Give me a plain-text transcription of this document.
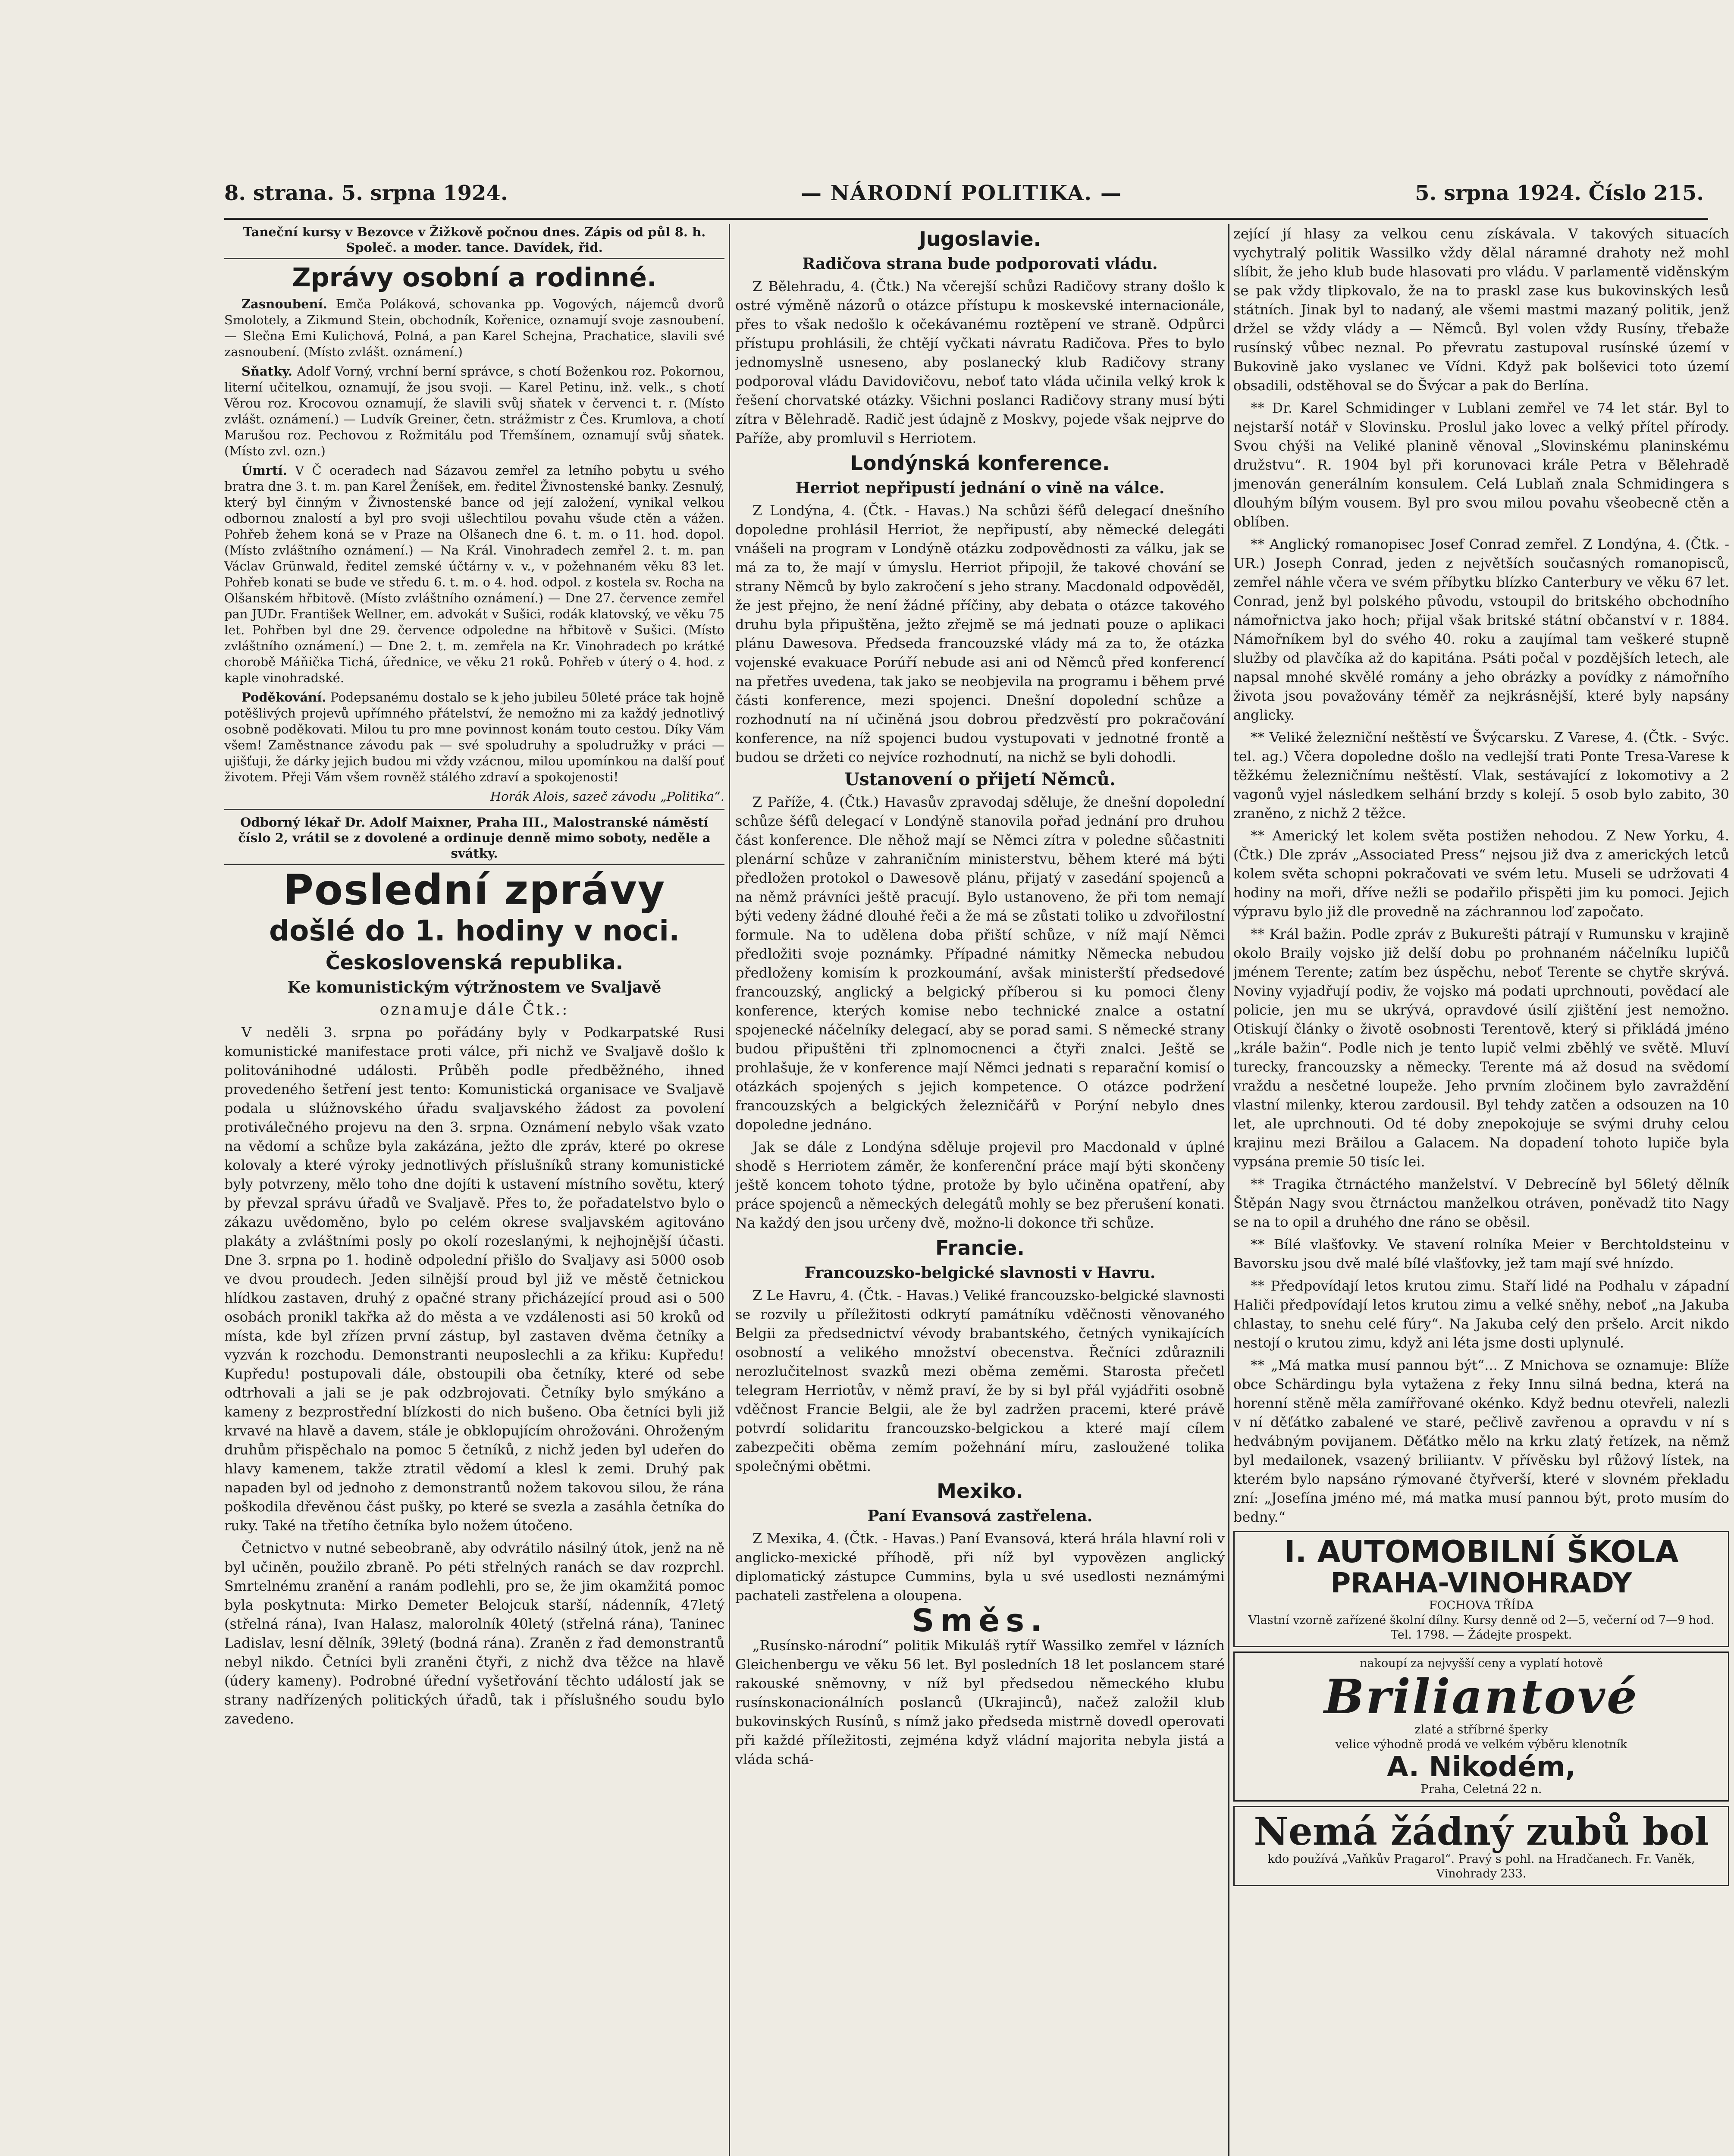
8. strana. 5. srpna 1924.	— NÁRODNÍ POLITIKA. —	5. srpna 1924. Číslo 215.
Taneční kursy v Bezovce v Žižkově počnou dnes. Zápis od půl 8. h. Společ. a moder. tance. Davídek, řid.
Zprávy osobní a rodinné.

Zasnoubení. Emča Poláková, schovanka pp. Vogových, nájemců dvorů Smolotely, a Zikmund Stein, obchodník, Kořenice, oznamují svoje zasnoubení. — Slečna Emi Kulichová, Polná, a pan Karel Schejna, Prachatice, slavili své zasnoubení. (Místo zvlášt. oznámení.)

Sňatky. Adolf Vorný, vrchní berní správce, s chotí Boženkou roz. Pokornou, literní učitelkou, oznamují, že jsou svoji. — Karel Petinu, inž. velk., s chotí Věrou roz. Krocovou oznamují, že slavili svůj sňatek v červenci t. r. (Místo zvlášt. oznámení.) — Ludvík Greiner, četn. strážmistr z Čes. Krumlova, a chotí Marušou roz. Pechovou z Rožmitálu pod Třemšínem, oznamují svůj sňatek. (Místo zvl. ozn.)

Úmrtí. V Č oceradech nad Sázavou zemřel za letního pobytu u svého bratra dne 3. t. m. pan Karel Ženíšek, em. ředitel Živnostenské banky. Zesnulý, který byl činným v Živnostenské bance od její založení, vynikal velkou odbornou znalostí a byl pro svoji ušlechtilou povahu všude ctěn a vážen. Pohřeb žehem koná se v Praze na Olšanech dne 6. t. m. o 11. hod. dopol. (Místo zvláštního oznámení.) — Na Král. Vinohradech zemřel 2. t. m. pan Václav Grünwald, ředitel zemské účtárny v. v., v požehnaném věku 83 let. Pohřeb konati se bude ve středu 6. t. m. o 4. hod. odpol. z kostela sv. Rocha na Olšanském hřbitově. (Místo zvláštního oznámení.) — Dne 27. července zemřel pan JUDr. František Wellner, em. advokát v Sušici, rodák klatovský, ve věku 75 let. Pohřben byl dne 29. července odpoledne na hřbitově v Sušici. (Místo zvláštního oznámení.) — Dne 2. t. m. zemřela na Kr. Vinohradech po krátké chorobě Máňička Tichá, úřednice, ve věku 21 roků. Pohřeb v úterý o 4. hod. z kaple vinohradské.

Poděkování. Podepsanému dostalo se k jeho jubileu 50leté práce tak hojně potěšlivých projevů upřímného přátelství, že nemožno mi za každý jednotlivý osobně poděkovati. Milou tu pro mne povinnost konám touto cestou. Díky Vám všem! Zaměstnance závodu pak — své spoludruhy a spoludružky v práci — ujišťuji, že dárky jejich budou mi vždy vzácnou, milou upomínkou na další pouť životem. Přeji Vám všem rovněž stálého zdraví a spokojenosti!

Horák Alois, sazeč závodu „Politika“.

Odborný lékař Dr. Adolf Maixner, Praha III., Malostranské náměstí číslo 2, vrátil se z dovolené a ordinuje denně mimo soboty, neděle a svátky.
Poslední zprávy
došlé do 1. hodiny v noci.
Československá republika.
Ke komunistickým výtržnostem ve Svaljavě
oznamuje dále Čtk.:

V neděli 3. srpna po pořádány byly v Podkarpatské Rusi komunistické manifestace proti válce, při nichž ve Svaljavě došlo k politovánihodné události. Průběh podle předběžného, ihned provedeného šetření jest tento: Komunistická organisace ve Svaljavě podala u slúžnovského úřadu svaljavského žádost za povolení protiválečného projevu na den 3. srpna. Oznámení nebylo však vzato na vědomí a schůze byla zakázána, ježto dle zpráv, které po okrese kolovaly a které výroky jednotlivých příslušníků strany komunistické byly potvrzeny, mělo toho dne dojíti k ustavení místního sovětu, který by převzal správu úřadů ve Svaljavě. Přes to, že pořadatelstvo bylo o zákazu uvědoměno, bylo po celém okrese svaljavském agitováno plakáty a zvláštními posly po okolí rozeslanými, k nejhojnější účasti. Dne 3. srpna po 1. hodině odpolední přišlo do Svaljavy asi 5000 osob ve dvou proudech. Jeden silnější proud byl již ve městě četnickou hlídkou zastaven, druhý z opačné strany přicházející proud asi o 500 osobách pronikl takřka až do města a ve vzdálenosti asi 50 kroků od místa, kde byl zřízen první zástup, byl zastaven dvěma četníky a vyzván k rozchodu. Demonstranti neuposlechli a za křiku: Kupředu! Kupředu! postupovali dále, obstoupili oba četníky, které od sebe odtrhovali a jali se je pak odzbrojovati. Četníky bylo smýkáno a kameny z bezprostřední blízkosti do nich bušeno. Oba četníci byli již krvavé na hlavě a davem, stále je obklopujícím ohrožováni. Ohroženým druhům přispěchalo na pomoc 5 četníků, z nichž jeden byl udeřen do hlavy kamenem, takže ztratil vědomí a klesl k zemi. Druhý pak napaden byl od jednoho z demonstrantů nožem takovou silou, že rána poškodila dřevěnou část pušky, po které se svezla a zasáhla četníka do ruky. Také na třetího četníka bylo nožem útočeno.

Četnictvo v nutné sebeobraně, aby odvrátilo násilný útok, jenž na ně byl učiněn, použilo zbraně. Po péti střelných ranách se dav rozprchl. Smrtelnému zranění a ranám podlehli, pro se, že jim okamžitá pomoc byla poskytnuta: Mirko Demeter Belojcuk starší, nádenník, 47letý (střelná rána), Ivan Halasz, malorolník 40letý (střelná rána), Taninec Ladislav, lesní dělník, 39letý (bodná rána). Zraněn z řad demonstrantů nebyl nikdo. Četníci byli zraněni čtyři, z nichž dva těžce na hlavě (údery kameny). Podrobné úřední vyšetřování těchto událostí jak se strany nadřízených politických úřadů, tak i příslušného soudu bylo zavedeno.

Jugoslavie.
Radičova strana bude podporovati vládu.

Z Bělehradu, 4. (Čtk.) Na včerejší schůzi Radičovy strany došlo k ostré výměně názorů o otázce přístupu k moskevské internacionále, přes to však nedošlo k očekávanému roztěpení ve straně. Odpůrci přístupu prohlásili, že chtějí vyčkati návratu Radičova. Přes to bylo jednomyslně usneseno, aby poslanecký klub Radičovy strany podporoval vládu Davidovičovu, neboť tato vláda učinila velký krok k řešení chorvatské otázky. Všichni poslanci Radičovy strany musí býti zítra v Bělehradě. Radič jest údajně z Moskvy, pojede však nejprve do Paříže, aby promluvil s Herriotem.

Londýnská konference.
Herriot nepřipustí jednání o vině na válce.

Z Londýna, 4. (Čtk. - Havas.) Na schůzi šéfů delegací dnešního dopoledne prohlásil Herriot, že nepřipustí, aby německé delegáti vnášeli na program v Londýně otázku zodpovědnosti za válku, jak se má za to, že mají v úmyslu. Herriot připojil, že takové chování se strany Němců by bylo zakročení s jeho strany. Macdonald odpověděl, že jest přejno, že není žádné příčiny, aby debata o otázce takového druhu byla připuštěna, ježto zřejmě se má jednati pouze o aplikaci plánu Dawesova. Předseda francouzské vlády má za to, že otázka vojenské evakuace Porúří nebude asi ani od Němců před konferencí na přetřes uvedena, tak jako se neobjevila na programu i během prvé části konference, mezi spojenci. Dnešní dopolední schůze a rozhodnutí na ní učiněná jsou dobrou předzvěstí pro pokračování konference, na níž spojenci budou vystupovati v jednotné frontě a budou se držeti co nejvíce rozhodnutí, na nichž se byli dohodli.

Ustanovení o přijetí Němců.

Z Paříže, 4. (Čtk.) Havasův zpravodaj sděluje, že dnešní dopolední schůze šéfů delegací v Londýně stanovila pořad jednání pro druhou část konference. Dle něhož mají se Němci zítra v poledne sůčastniti plenární schůze v zahraničním ministerstvu, během které má býti předložen protokol o Dawesově plánu, přijatý v zasedání spojenců a na němž právníci ještě pracují. Bylo ustanoveno, že při tom nemají býti vedeny žádné dlouhé řeči a že má se zůstati toliko u zdvořilostní formule. Na to udělena doba přiští schůze, v níž mají Němci předložiti svoje poznámky. Případné námitky Německa nebudou předloženy komisím k prozkoumání, avšak ministerští předsedové francouzský, anglický a belgický příberou si ku pomoci členy konference, kterých komise nebo technické znalce a ostatní spojenecké náčelníky delegací, aby se porad sami. S německé strany budou připuštěni tři zplnomocnenci a čtyři znalci. Ještě se prohlašuje, že v konference mají Němci jednati s reparační komisí o otázkách spojených s jejich kompetence. O otázce podržení francouzských a belgických železničářů v Porýní nebylo dnes dopoledne jednáno.

Jak se dále z Londýna sděluje projevil pro Macdonald v úplné shodě s Herriotem záměr, že konferenční práce mají býti skončeny ještě koncem tohoto týdne, protože by bylo učiněna opatření, aby práce spojenců a německých delegátů mohly se bez přerušení konati. Na každý den jsou určeny dvě, možno-li dokonce tři schůze.

Francie.
Francouzsko-belgické slavnosti v Havru.

Z Le Havru, 4. (Čtk. - Havas.) Veliké francouzsko-belgické slavnosti se rozvily u příležitosti odkrytí památníku vděčnosti věnovaného Belgii za předsednictví vévody brabantského, četných vynikajících osobností a velikého množství obecenstva. Řečníci zdůraznili nerozlučitelnost svazků mezi oběma zeměmi. Starosta přečetl telegram Herriotův, v němž praví, že by si byl přál vyjádřiti osobně vděčnost Francie Belgii, ale že byl zadržen pracemi, které právě potvrdí solidaritu francouzsko-belgickou a které mají cílem zabezpečiti oběma zemím požehnání míru, zasloužené tolika společnými obětmi.

Mexiko.
Paní Evansová zastřelena.

Z Mexika, 4. (Čtk. - Havas.) Paní Evansová, která hrála hlavní roli v anglicko-mexické příhodě, při níž byl vypovězen anglický diplomatický zástupce Cummins, byla u své usedlosti neznámými pachateli zastřelena a oloupena.

Směs.

„Rusínsko-národní“ politik Mikuláš rytíř Wassilko zemřel v lázních Gleichenbergu ve věku 56 let. Byl posledních 18 let poslancem staré rakouské sněmovny, v níž byl předsedou německého klubu rusínskonacionálních poslanců (Ukrajinců), načež založil klub bukovinských Rusínů, s nímž jako předseda mistrně dovedl operovati při každé příležitosti, zejména když vládní majorita nebyla jistá a vláda schá-

zející jí hlasy za velkou cenu získávala. V takových situacích vychytralý politik Wassilko vždy dělal náramné drahoty než mohl slíbit, že jeho klub bude hlasovati pro vládu. V parlamentě viděnským se pak vždy tlipkovalo, že na to praskl zase kus bukovinských lesů státních. Jinak byl to nadaný, ale všemi mastmi mazaný politik, jenž držel se vždy vlády a — Němců. Byl volen vždy Rusíny, třebaže rusínský vůbec neznal. Po převratu zastupoval rusínské území v Bukovině jako vyslanec ve Vídni. Když pak bolševici toto území obsadili, odstěhoval se do Švýcar a pak do Berlína.

** Dr. Karel Schmidinger v Lublani zemřel ve 74 let stár. Byl to nejstarší notář v Slovinsku. Proslul jako lovec a velký přítel přírody. Svou chýši na Veliké planině věnoval „Slovinskému planinskému družstvu“. R. 1904 byl při korunovaci krále Petra v Bělehradě jmenován generálním konsulem. Celá Lublaň znala Schmidingera s dlouhým bílým vousem. Byl pro svou milou povahu všeobecně ctěn a oblíben.

** Anglický romanopisec Josef Conrad zemřel. Z Londýna, 4. (Čtk. - UR.) Joseph Conrad, jeden z největších současných romanopisců, zemřel náhle včera ve svém příbytku blízko Canterbury ve věku 67 let. Conrad, jenž byl polského původu, vstoupil do britského obchodního námořnictva jako hoch; přijal však britské státní občanství v r. 1884. Námořníkem byl do svého 40. roku a zaujímal tam veškeré stupně služby od plavčíka až do kapitána. Psáti počal v pozdějších letech, ale napsal mnohé skvělé romány a jeho obrázky a povídky z námořního života jsou považovány téměř za nejkrásnější, které byly napsány anglicky.

** Veliké železniční neštěstí ve Švýcarsku. Z Varese, 4. (Čtk. - Svýc. tel. ag.) Včera dopoledne došlo na vedlejší trati Ponte Tresa-Varese k těžkému železničnímu neštěstí. Vlak, sestávající z lokomotivy a 2 vagonů vyjel následkem selhání brzdy s kolejí. 5 osob bylo zabito, 30 zraněno, z nichž 2 těžce.

** Americký let kolem světa postižen nehodou. Z New Yorku, 4. (Čtk.) Dle zpráv „Associated Press“ nejsou již dva z amerických letců kolem světa schopni pokračovati ve svém letu. Museli se udržovati 4 hodiny na moři, dříve nežli se podařilo přispěti jim ku pomoci. Jejich výpravu bylo již dle provedně na záchrannou loď započato.

** Král bažin. Podle zpráv z Bukurešti pátrají v Rumunsku v krajině okolo Braily vojsko již delší dobu po prohnaném náčelníku lupičů jménem Terente; zatím bez úspěchu, neboť Terente se chytře skrývá. Noviny vyjadřují podiv, že vojsko má podati uprchnouti, povědací ale policie, jen mu se ukrývá, opravdové úsilí zjištění jest nemožno. Otiskují články o životě osobnosti Terentově, který si přikládá jméno „krále bažin“. Podle nich je tento lupič velmi zběhlý ve světě. Mluví turecky, francouzsky a německy. Terente má až dosud na svědomí vraždu a nesčetné loupeže. Jeho prvním zločinem bylo zavraždění vlastní milenky, kterou zardousil. Byl tehdy zatčen a odsouzen na 10 let, ale uprchnouti. Od té doby znepokojuje se svými druhy celou krajinu mezi Brăilou a Galacem. Na dopadení tohoto lupiče byla vypsána premie 50 tisíc lei.

** Tragika čtrnáctého manželství. V Debrecíně byl 56letý dělník Štěpán Nagy svou čtrnáctou manželkou otráven, poněvadž tito Nagy se na to opil a druhého dne ráno se oběsil.

** Bílé vlašťovky. Ve stavení rolníka Meier v Berchtoldsteinu v Bavorsku jsou dvě malé bílé vlašťovky, jež tam mají své hnízdo.

** Předpovídají letos krutou zimu. Staří lidé na Podhalu v západní Haliči předpovídají letos krutou zimu a velké sněhy, neboť „na Jakuba chlastay, to snehu celé fúry“. Na Jakuba celý den pršelo. Arcit nikdo nestojí o krutou zimu, když ani léta jsme dosti uplynulé.

** „Má matka musí pannou být“... Z Mnichova se oznamuje: Blíže obce Schärdingu byla vytažena z řeky Innu silná bedna, která na horenní stěně měla zamířřované okénko. Když bednu otevřeli, nalezli v ní děťátko zabalené ve staré, pečlivě zavřenou a opravdu v ní s hedvábným povijanem. Děťátko mělo na krku zlatý řetízek, na němž byl medailonek, vsazený briliiantv. V přívěsku byl růžový lístek, na kterém bylo napsáno rýmované čtyřverší, které v slovném překladu zní: „Josefína jméno mé, má matka musí pannou být, proto musím do bedny.“

I. AUTOMOBILNÍ ŠKOLA
PRAHA-VINOHRADY
FOCHOVA TŘÍDA
Vlastní vzorně zařízené školní dílny. Kursy denně od 2—5, večerní od 7—9 hod. Tel. 1798. — Žádejte prospekt.
nakoupí za nejvyšší ceny a vyplatí hotově
Briliantové
zlaté a stříbrné šperky
velice výhodně prodá ve velkém výběru klenotník
A. Nikodém,
Praha, Celetná 22 n.
Nemá žádný zubů bol
kdo používá „Vaňkův Pragarol“. Pravý s pohl. na Hradčanech. Fr. Vaněk, Vinohrady 233.
